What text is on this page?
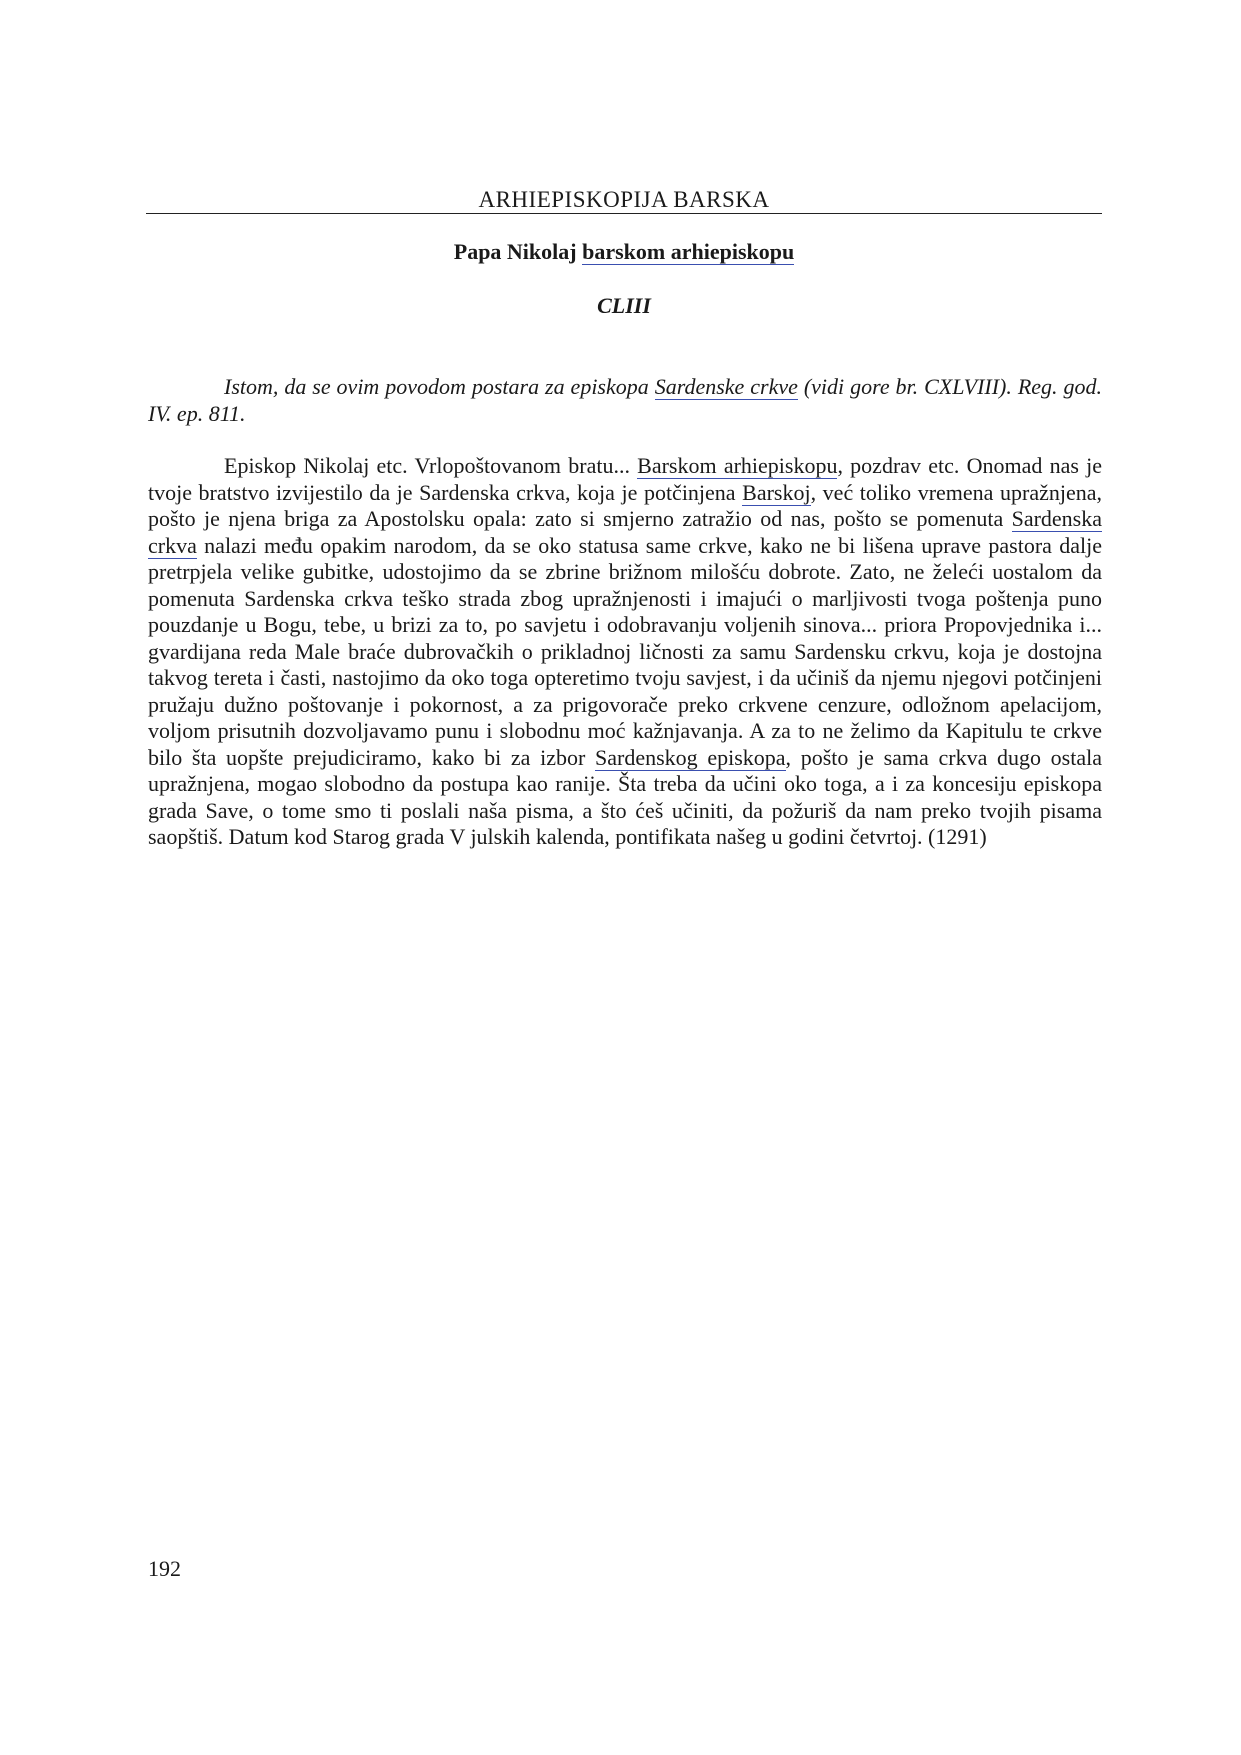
ARHIEPISKOPIJA BARSKA
Papa Nikolaj barskom arhiepiskopu
CLIII

Istom, da se ovim povodom postara za episkopa Sardenske crkve (vidi gore br. CXLVIII). Reg. god. IV. ep. 811.

Episkop Nikolaj etc. Vrlopoštovanom bratu... Barskom arhiepiskopu, pozdrav etc. Onomad nas je tvoje bratstvo izvijestilo da je Sardenska crkva, koja je potčinjena Barskoj, već toliko vremena upražnjena, pošto je njena briga za Apostolsku opala: zato si smjerno zatražio od nas, pošto se pomenuta Sardenska crkva nalazi među opakim narodom, da se oko statusa same crkve, kako ne bi lišena uprave pastora dalje pretrpjela velike gubitke, udostojimo da se zbrine brižnom milošću dobrote. Zato, ne želeći uostalom da pomenuta Sardenska crkva teško strada zbog upražnjenosti i imajući o marljivosti tvoga poštenja puno pouzdanje u Bogu, tebe, u brizi za to, po savjetu i odobravanju voljenih sinova... priora Propovjednika i... gvardijana reda Male braće dubrovačkih o prikladnoj ličnosti za samu Sardensku crkvu, koja je dostojna takvog tereta i časti, nastojimo da oko toga opteretimo tvoju savjest, i da učiniš da njemu njegovi potčinjeni pružaju dužno poštovanje i pokornost, a za prigovorače preko crkvene cenzure, odložnom apelacijom, voljom prisutnih dozvoljavamo punu i slobodnu moć kažnjavanja. A za to ne želimo da Kapitulu te crkve bilo šta uopšte prejudiciramo, kako bi za izbor Sardenskog episkopa, pošto je sama crkva dugo ostala upražnjena, mogao slobodno da postupa kao ranije. Šta treba da učini oko toga, a i za koncesiju episkopa grada Save, o tome smo ti poslali naša pisma, a što ćeš učiniti, da požuriš da nam preko tvojih pisama saopštiš. Datum kod Starog grada V julskih kalenda, pontifikata našeg u godini četvrtoj. (1291)

192
